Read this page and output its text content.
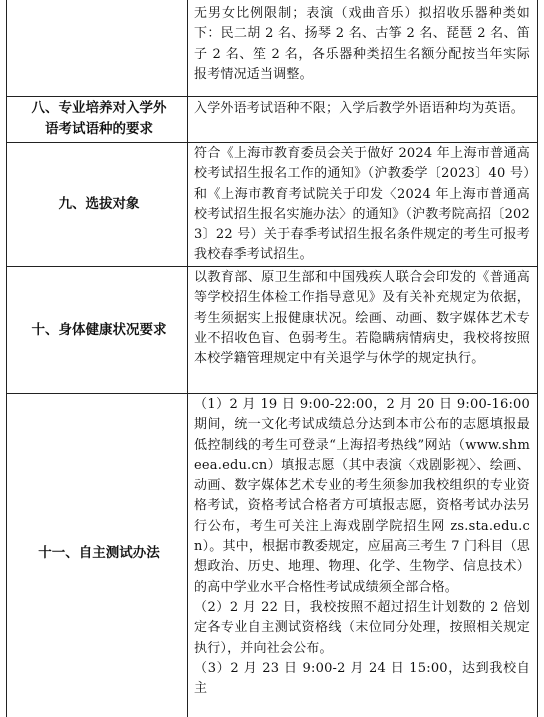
无男女比例限制；表演（戏曲音乐）拟招收乐器种类如下：民二胡 2 名、扬琴 2 名、古筝 2 名、琵琶 2 名、笛子 2 名、笙 2 名，各乐器种类招生名额分配按当年实际报考情况适当调整。

八、专业培养对入学外
语考试语种的要求

入学外语考试语种不限；入学后教学外语语种均为英语。

九、选拔对象

符合《上海市教育委员会关于做好 2024 年上海市普通高校考试招生报名工作的通知》（沪教委学〔2023〕40 号）和《上海市教育考试院关于印发〈2024 年上海市普通高校考试招生报名实施办法〉的通知》（沪教考院高招〔2023〕22 号）关于春季考试招生报名条件规定的考生可报考我校春季考试招生。

十、身体健康状况要求

以教育部、原卫生部和中国残疾人联合会印发的《普通高等学校招生体检工作指导意见》及有关补充规定为依据，考生须据实上报健康状况。绘画、动画、数字媒体艺术专业不招收色盲、色弱考生。若隐瞒病情病史，我校将按照本校学籍管理规定中有关退学与休学的规定执行。

十一、自主测试办法

（1）2 月 19 日 9:00-22:00，2 月 20 日 9:00-16:00 期间，统一文化考试成绩总分达到本市公布的志愿填报最低控制线的考生可登录“上海招考热线”网站（www.shmeea.edu.cn）填报志愿（其中表演〈戏剧影视〉、绘画、动画、数字媒体艺术专业的考生须参加我校组织的专业资格考试，资格考试合格者方可填报志愿，资格考试办法另行公布，考生可关注上海戏剧学院招生网 zs.sta.edu.cn）。其中，根据市教委规定，应届高三考生 7 门科目（思想政治、历史、地理、物理、化学、生物学、信息技术）的高中学业水平合格性考试成绩须全部合格。

（2）2 月 22 日，我校按照不超过招生计划数的 2 倍划定各专业自主测试资格线（末位同分处理，按照相关规定执行），并向社会公布。

（3）2 月 23 日 9:00-2 月 24 日 15:00，达到我校自主
